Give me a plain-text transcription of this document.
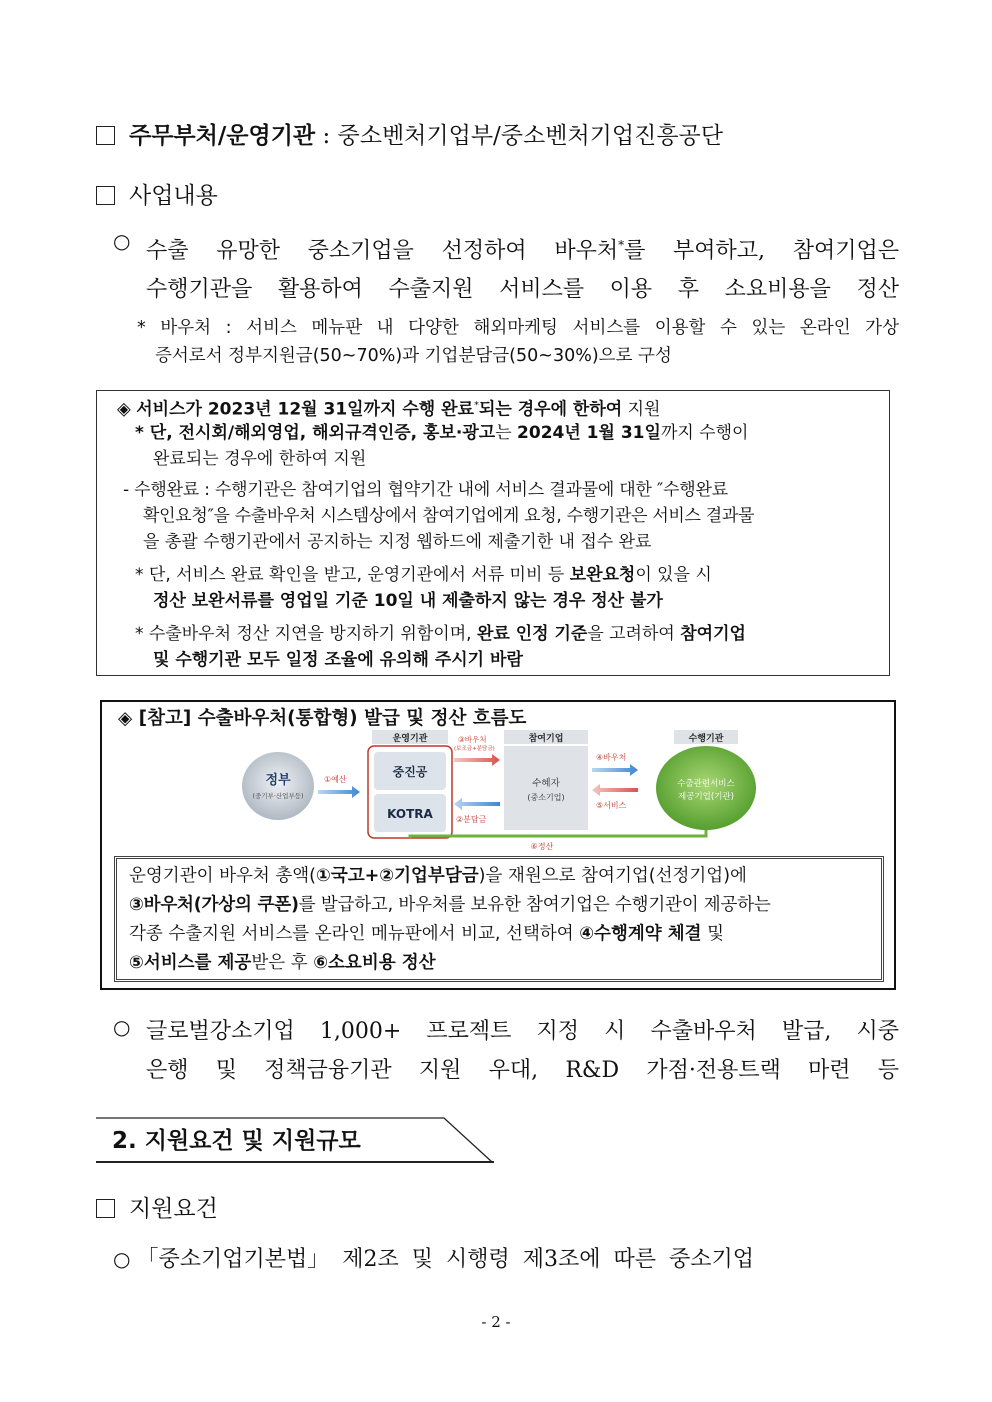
주무부처/운영기관 : 중소벤처기업부/중소벤처기업진흥공단
사업내용
○ 수출 유망한 중소기업을 선정하여 바우처*를 부여하고, 참여기업은
수행기관을 활용하여 수출지원 서비스를 이용 후 소요비용을 정산
* 바우처 : 서비스 메뉴판 내 다양한 해외마케팅 서비스를 이용할 수 있는 온라인 가상
증서로서 정부지원금(50~70%)과 기업분담금(50~30%)으로 구성
◈ 서비스가 2023년 12월 31일까지 수행 완료*되는 경우에 한하여 지원
* 단, 전시회/해외영업, 해외규격인증, 홍보·광고는 2024년 1월 31일까지 수행이
완료되는 경우에 한하여 지원
- 수행완료 : 수행기관은 참여기업의 협약기간 내에 서비스 결과물에 대한 ″수행완료
확인요청″을 수출바우처 시스템상에서 참여기업에게 요청, 수행기관은 서비스 결과물
을 총괄 수행기관에서 공지하는 지정 웹하드에 제출기한 내 접수 완료
* 단, 서비스 완료 확인을 받고, 운영기관에서 서류 미비 등 보완요청이 있을 시
정산 보완서류를 영업일 기준 10일 내 제출하지 않는 경우 정산 불가
* 수출바우처 정산 지연을 방지하기 위함이며, 완료 인정 기준을 고려하여 참여기업
및 수행기관 모두 일정 조율에 유의해 주시기 바람
◈ [참고] 수출바우처(통합형) 발급 및 정산 흐름도
정부
(중기부·산업부등)
①예산
운영기관
중진공
KOTRA
③바우처
(보조금+분담금)
②분담금
참여기업
수혜자
(중소기업)
④바우처
⑤서비스
수행기관
수출관련서비스
제공기업(기관)
⑥정산
운영기관이 바우처 총액(①국고+②기업부담금)을 재원으로 참여기업(선정기업)에
③바우처(가상의 쿠폰)를 발급하고, 바우처를 보유한 참여기업은 수행기관이 제공하는
각종 수출지원 서비스를 온라인 메뉴판에서 비교, 선택하여 ④수행계약 체결 및
⑤서비스를 제공받은 후 ⑥소요비용 정산
○ 글로벌강소기업 1,000+ 프로젝트 지정 시 수출바우처 발급, 시중
은행 및 정책금융기관 지원 우대, R&D 가점·전용트랙 마련 등
2. 지원요건 및 지원규모
지원요건
○ 「중소기업기본법」 제2조 및 시행령 제3조에 따른 중소기업
- 2 -
